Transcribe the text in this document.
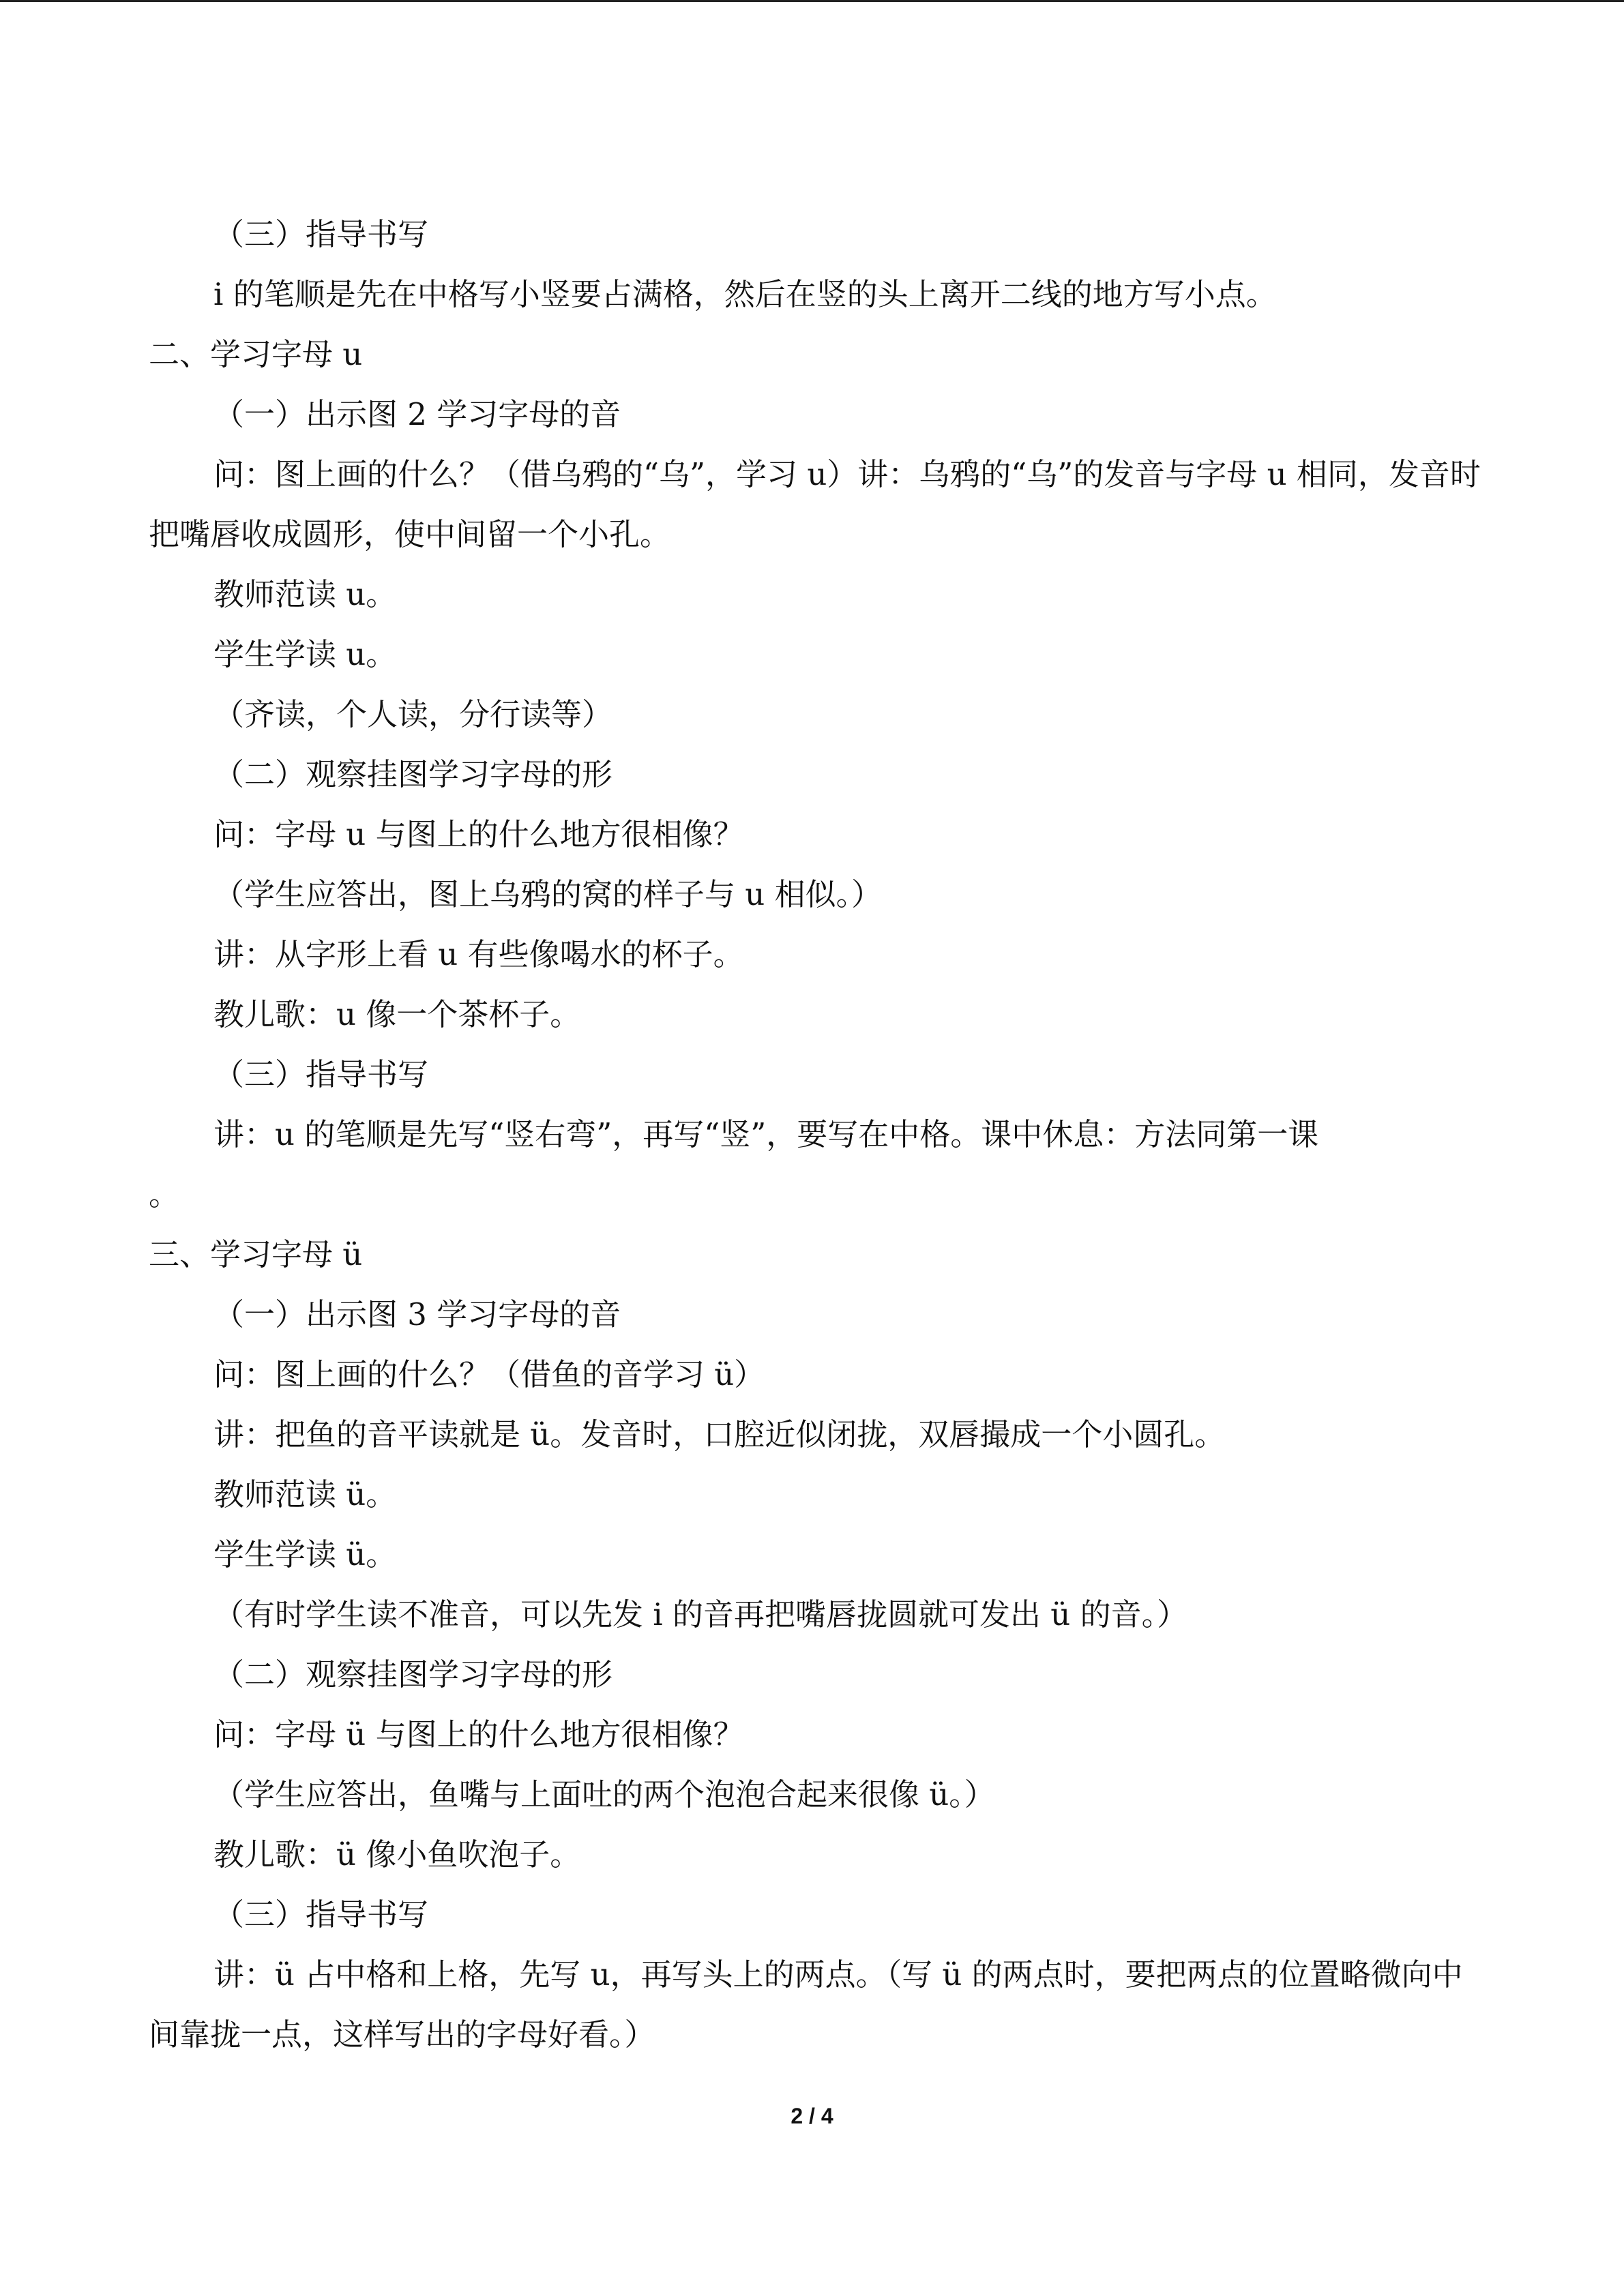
（三）指导书写
i 的笔顺是先在中格写小竖要占满格，然后在竖的头上离开二线的地方写小点。
二、学习字母 u
（一）出示图 2 学习字母的音
问：图上画的什么？（借乌鸦的“乌”，学习 u）讲：乌鸦的“乌”的发音与字母 u 相同，发音时把嘴唇收成圆形，使中间留一个小孔。
教师范读 u。
学生学读 u。
（齐读，个人读，分行读等）
（二）观察挂图学习字母的形
问：字母 u 与图上的什么地方很相像？
（学生应答出，图上乌鸦的窝的样子与 u 相似。）
讲：从字形上看 u 有些像喝水的杯子。
教儿歌：u 像一个茶杯子。
（三）指导书写
讲：u 的笔顺是先写“竖右弯”，再写“竖”，要写在中格。课中休息：方法同第一课
。
三、学习字母 ü
（一）出示图 3 学习字母的音
问：图上画的什么？（借鱼的音学习 ü）
讲：把鱼的音平读就是 ü。发音时，口腔近似闭拢，双唇撮成一个小圆孔。
教师范读 ü。
学生学读 ü。
（有时学生读不准音，可以先发 i 的音再把嘴唇拢圆就可发出 ü 的音。）
（二）观察挂图学习字母的形
问：字母 ü 与图上的什么地方很相像？
（学生应答出，鱼嘴与上面吐的两个泡泡合起来很像 ü。）
教儿歌：ü 像小鱼吹泡子。
（三）指导书写
讲：ü 占中格和上格，先写 u，再写头上的两点。（写 ü 的两点时，要把两点的位置略微向中间靠拢一点，这样写出的字母好看。）
2 / 4
